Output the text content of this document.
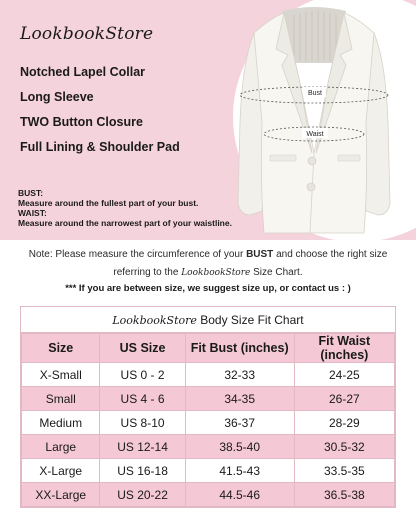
LookbookStore
Notched Lapel Collar
Long Sleeve
TWO Button Closure
Full Lining & Shoulder Pad
BUST:
Measure around the fullest part of your bust.
WAIST:
Measure around the narrowest part of your waistline.
Bust
Waist
Note: Please measure the circumference of your BUST and choose the right size
referring to the LookbookStore Size Chart.
*** If you are between size, we suggest size up, or contact us : )
LookbookStore Body Size Fit Chart
Size	US Size	Fit Bust (inches)	Fit Waist (inches)
X-Small	US 0 - 2	32-33	24-25
Small	US 4 - 6	34-35	26-27
Medium	US 8-10	36-37	28-29
Large	US 12-14	38.5-40	30.5-32
X-Large	US 16-18	41.5-43	33.5-35
XX-Large	US 20-22	44.5-46	36.5-38
